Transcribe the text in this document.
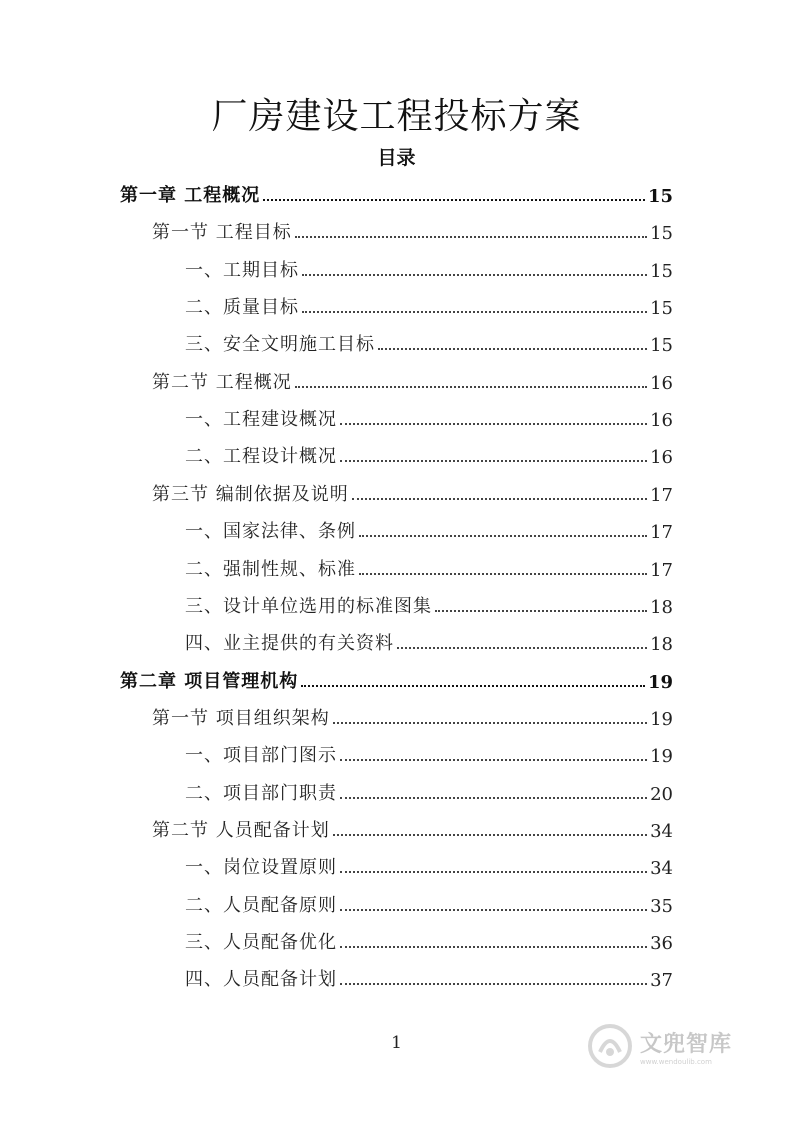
厂房建设工程投标方案
目录
第一章 工程概况	15
第一节 工程目标	15
一、工期目标	15
二、质量目标	15
三、安全文明施工目标	15
第二节 工程概况	16
一、工程建设概况	16
二、工程设计概况	16
第三节 编制依据及说明	17
一、国家法律、条例	17
二、强制性规、标准	17
三、设计单位选用的标准图集	18
四、业主提供的有关资料	18
第二章 项目管理机构	19
第一节 项目组织架构	19
一、项目部门图示	19
二、项目部门职责	20
第二节 人员配备计划	34
一、岗位设置原则	34
二、人员配备原则	35
三、人员配备优化	36
四、人员配备计划	37
1	文兜智库
www.wendoulib.com
